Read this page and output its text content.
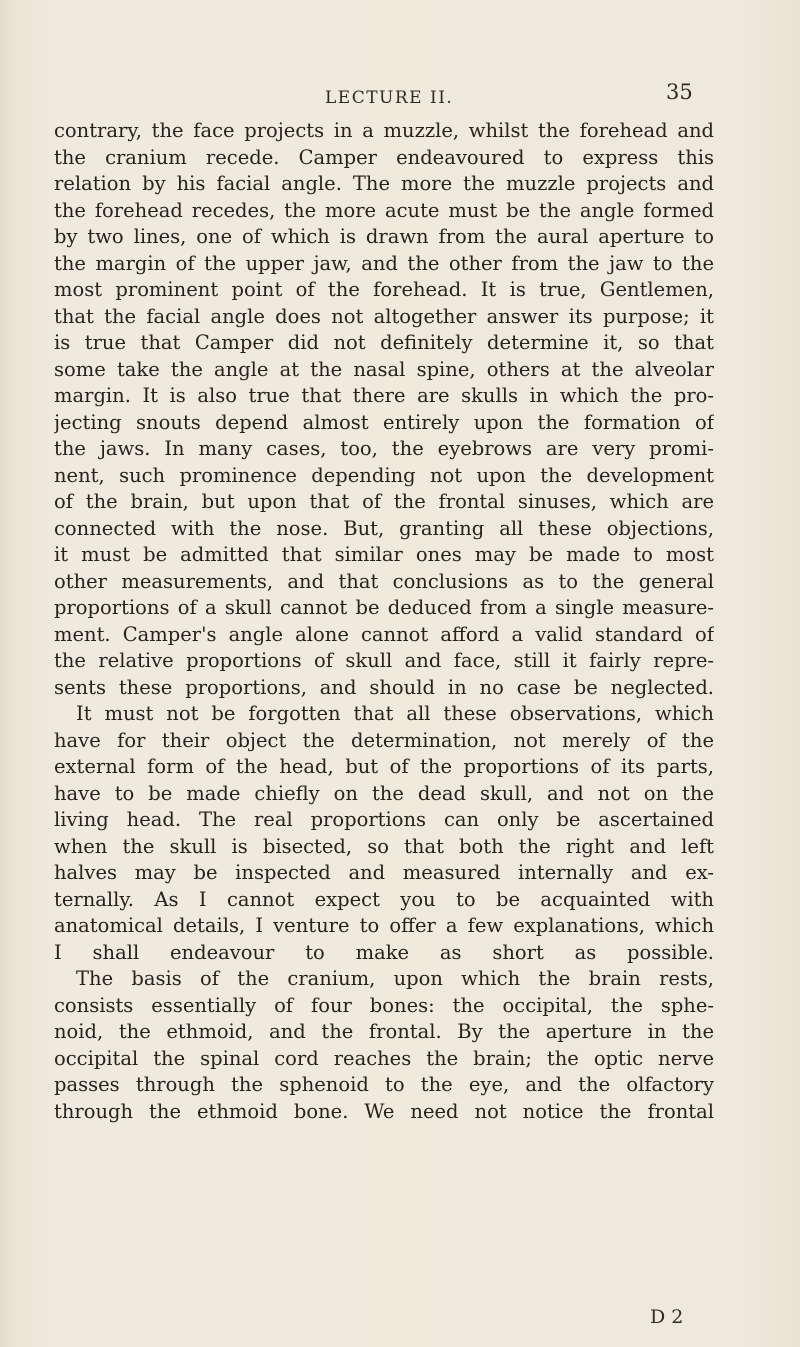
LECTURE II.	35
contrary, the face projects in a muzzle, whilst the forehead and
the cranium recede. Camper endeavoured to express this
relation by his facial angle. The more the muzzle projects and
the forehead recedes, the more acute must be the angle formed
by two lines, one of which is drawn from the aural aperture to
the margin of the upper jaw, and the other from the jaw to the
most prominent point of the forehead. It is true, Gentlemen,
that the facial angle does not altogether answer its purpose; it
is true that Camper did not definitely determine it, so that
some take the angle at the nasal spine, others at the alveolar
margin. It is also true that there are skulls in which the pro-
jecting snouts depend almost entirely upon the formation of
the jaws. In many cases, too, the eyebrows are very promi-
nent, such prominence depending not upon the development
of the brain, but upon that of the frontal sinuses, which are
connected with the nose. But, granting all these objections,
it must be admitted that similar ones may be made to most
other measurements, and that conclusions as to the general
proportions of a skull cannot be deduced from a single measure-
ment. Camper's angle alone cannot afford a valid standard of
the relative proportions of skull and face, still it fairly repre-
sents these proportions, and should in no case be neglected.
It must not be forgotten that all these observations, which
have for their object the determination, not merely of the
external form of the head, but of the proportions of its parts,
have to be made chiefly on the dead skull, and not on the
living head. The real proportions can only be ascertained
when the skull is bisected, so that both the right and left
halves may be inspected and measured internally and ex-
ternally. As I cannot expect you to be acquainted with
anatomical details, I venture to offer a few explanations, which
I shall endeavour to make as short as possible.
The basis of the cranium, upon which the brain rests,
consists essentially of four bones: the occipital, the sphe-
noid, the ethmoid, and the frontal. By the aperture in the
occipital the spinal cord reaches the brain; the optic nerve
passes through the sphenoid to the eye, and the olfactory
through the ethmoid bone. We need not notice the frontal
D 2
